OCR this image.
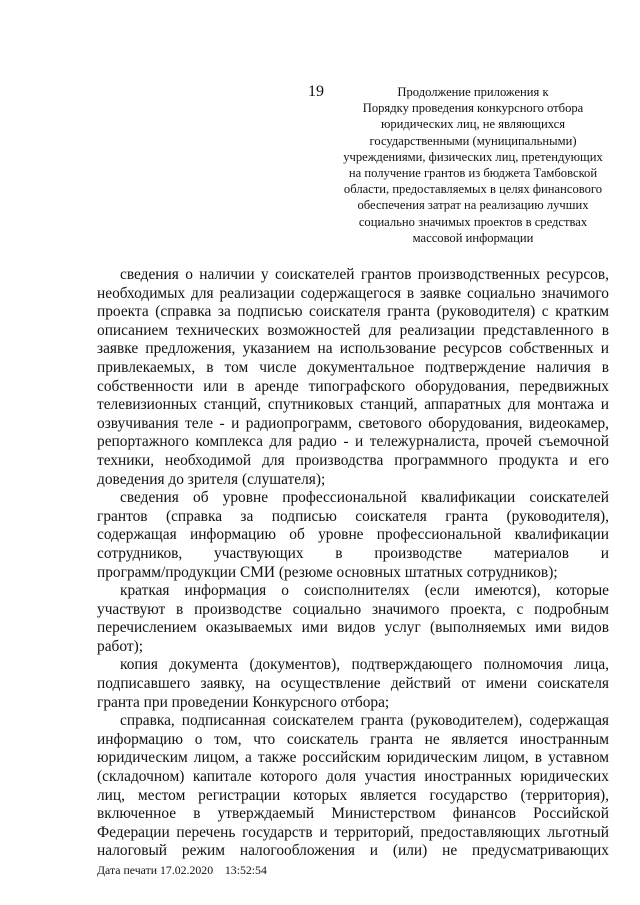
19	Продолжение приложения к
Порядку проведения конкурсного отбора
юридических лиц, не являющихся
государственными (муниципальными)
учреждениями, физических лиц, претендующих
на получение грантов из бюджета Тамбовской
области, предоставляемых в целях финансового
обеспечения затрат на реализацию лучших
социально значимых проектов в средствах
массовой информации
сведения о наличии у соискателей грантов производственных ресурсов,
необходимых для реализации содержащегося в заявке социально значимого
проекта (справка за подписью соискателя гранта (руководителя) с кратким
описанием технических возможностей для реализации представленного в
заявке предложения, указанием на использование ресурсов собственных и
привлекаемых, в том числе документальное подтверждение наличия в
собственности или в аренде типографского оборудования, передвижных
телевизионных станций, спутниковых станций, аппаратных для монтажа и
озвучивания теле - и радиопрограмм, светового оборудования, видеокамер,
репортажного комплекса для радио - и тележурналиста, прочей съемочной
техники, необходимой для производства программного продукта и его
доведения до зрителя (слушателя);
сведения об уровне профессиональной квалификации соискателей
грантов (справка за подписью соискателя гранта (руководителя),
содержащая информацию об уровне профессиональной квалификации
сотрудников, участвующих в производстве материалов и
программ/продукции СМИ (резюме основных штатных сотрудников);
краткая информация о соисполнителях (если имеются), которые
участвуют в производстве социально значимого проекта, с подробным
перечислением оказываемых ими видов услуг (выполняемых ими видов
работ);
копия документа (документов), подтверждающего полномочия лица,
подписавшего заявку, на осуществление действий от имени соискателя
гранта при проведении Конкурсного отбора;
справка, подписанная соискателем гранта (руководителем), содержащая
информацию о том, что соискатель гранта не является иностранным
юридическим лицом, а также российским юридическим лицом, в уставном
(складочном) капитале которого доля участия иностранных юридических
лиц, местом регистрации которых является государство (территория),
включенное в утверждаемый Министерством финансов Российской
Федерации перечень государств и территорий, предоставляющих льготный
налоговый режим налогообложения и (или) не предусматривающих
Дата печати 17.02.2020 13:52:54
